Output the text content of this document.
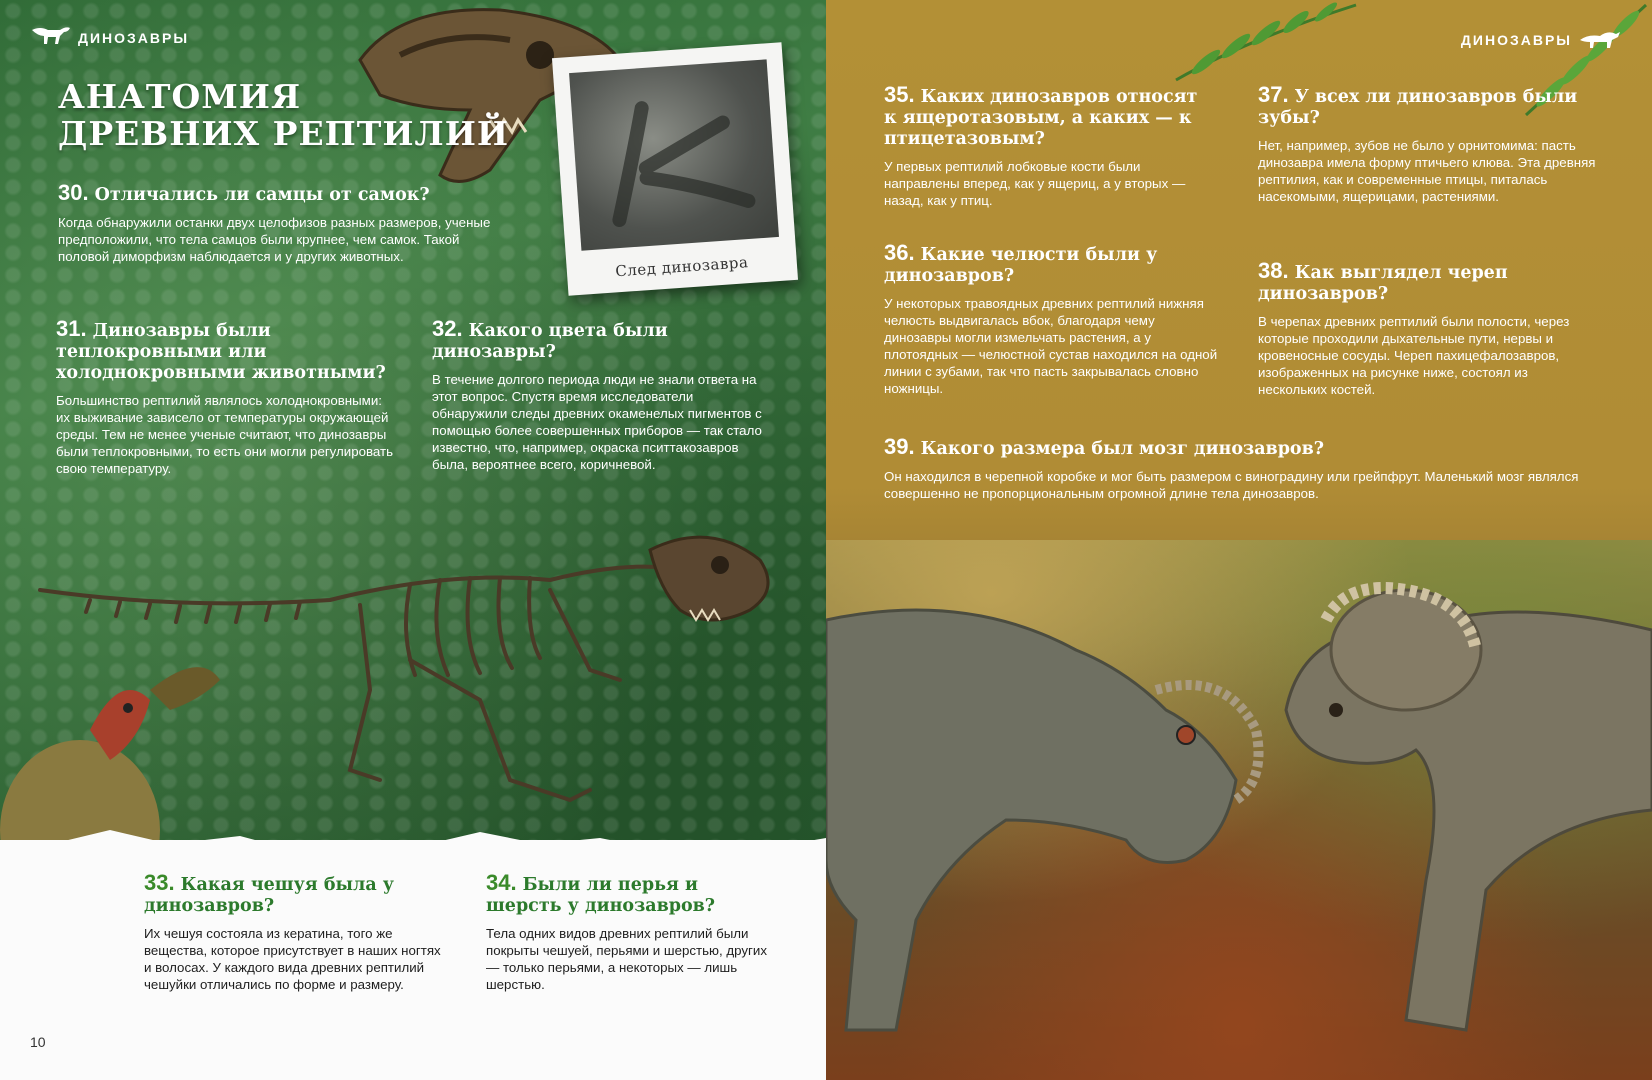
След динозавра
ДИНОЗАВРЫ
АНАТОМИЯ
ДРЕВНИХ РЕПТИЛИЙ
30. Отличались ли самцы от самок?

Когда обнаружили останки двух целофизов разных размеров, ученые предположили, что тела самцов были крупнее, чем самок. Такой половой диморфизм наблюдается и у других животных.

31. Динозавры были теплокровными или холоднокровными животными?

Большинство рептилий являлось холоднокровными: их выживание зависело от температуры окружающей среды. Тем не менее ученые считают, что динозавры были теплокровными, то есть они могли регулировать свою температуру.

32. Какого цвета были динозавры?

В течение долгого периода люди не знали ответа на этот вопрос. Спустя время исследователи обнаружили следы древних окаменелых пигментов с помощью более совершенных приборов — так стало известно, что, например, окраска пситтакозавров была, вероятнее всего, коричневой.

33. Какая чешуя была у динозавров?

Их чешуя состояла из кератина, того же вещества, которое присутствует в наших ногтях и волосах. У каждого вида древних рептилий чешуйки отличались по форме и размеру.

34. Были ли перья и шерсть у динозавров?

Тела одних видов древних рептилий были покрыты чешуей, перьями и шерстью, других — только перьями, а некоторых — лишь шерстью.

10
ДИНОЗАВРЫ
35. Каких динозавров относят к ящеротазовым, а каких — к птицетазовым?

У первых рептилий лобковые кости были направлены вперед, как у ящериц, а у вторых — назад, как у птиц.

37. У всех ли динозавров были зубы?

Нет, например, зубов не было у орнитомима: пасть динозавра имела форму птичьего клюва. Эта древняя рептилия, как и современные птицы, питалась насекомыми, ящерицами, растениями.

36. Какие челюсти были у динозавров?

У некоторых травоядных древних рептилий нижняя челюсть выдвигалась вбок, благодаря чему динозавры могли измельчать растения, а у плотоядных — челюстной сустав находился на одной линии с зубами, так что пасть закрывалась словно ножницы.

38. Как выглядел череп динозавров?

В черепах древних рептилий были полости, через которые проходили дыхательные пути, нервы и кровеносные сосуды. Череп пахицефалозавров, изображенных на рисунке ниже, состоял из нескольких костей.

39. Какого размера был мозг динозавров?

Он находился в черепной коробке и мог быть размером с виноградину или грейпфрут. Маленький мозг являлся совершенно не пропорциональным огромной длине тела динозавров.
